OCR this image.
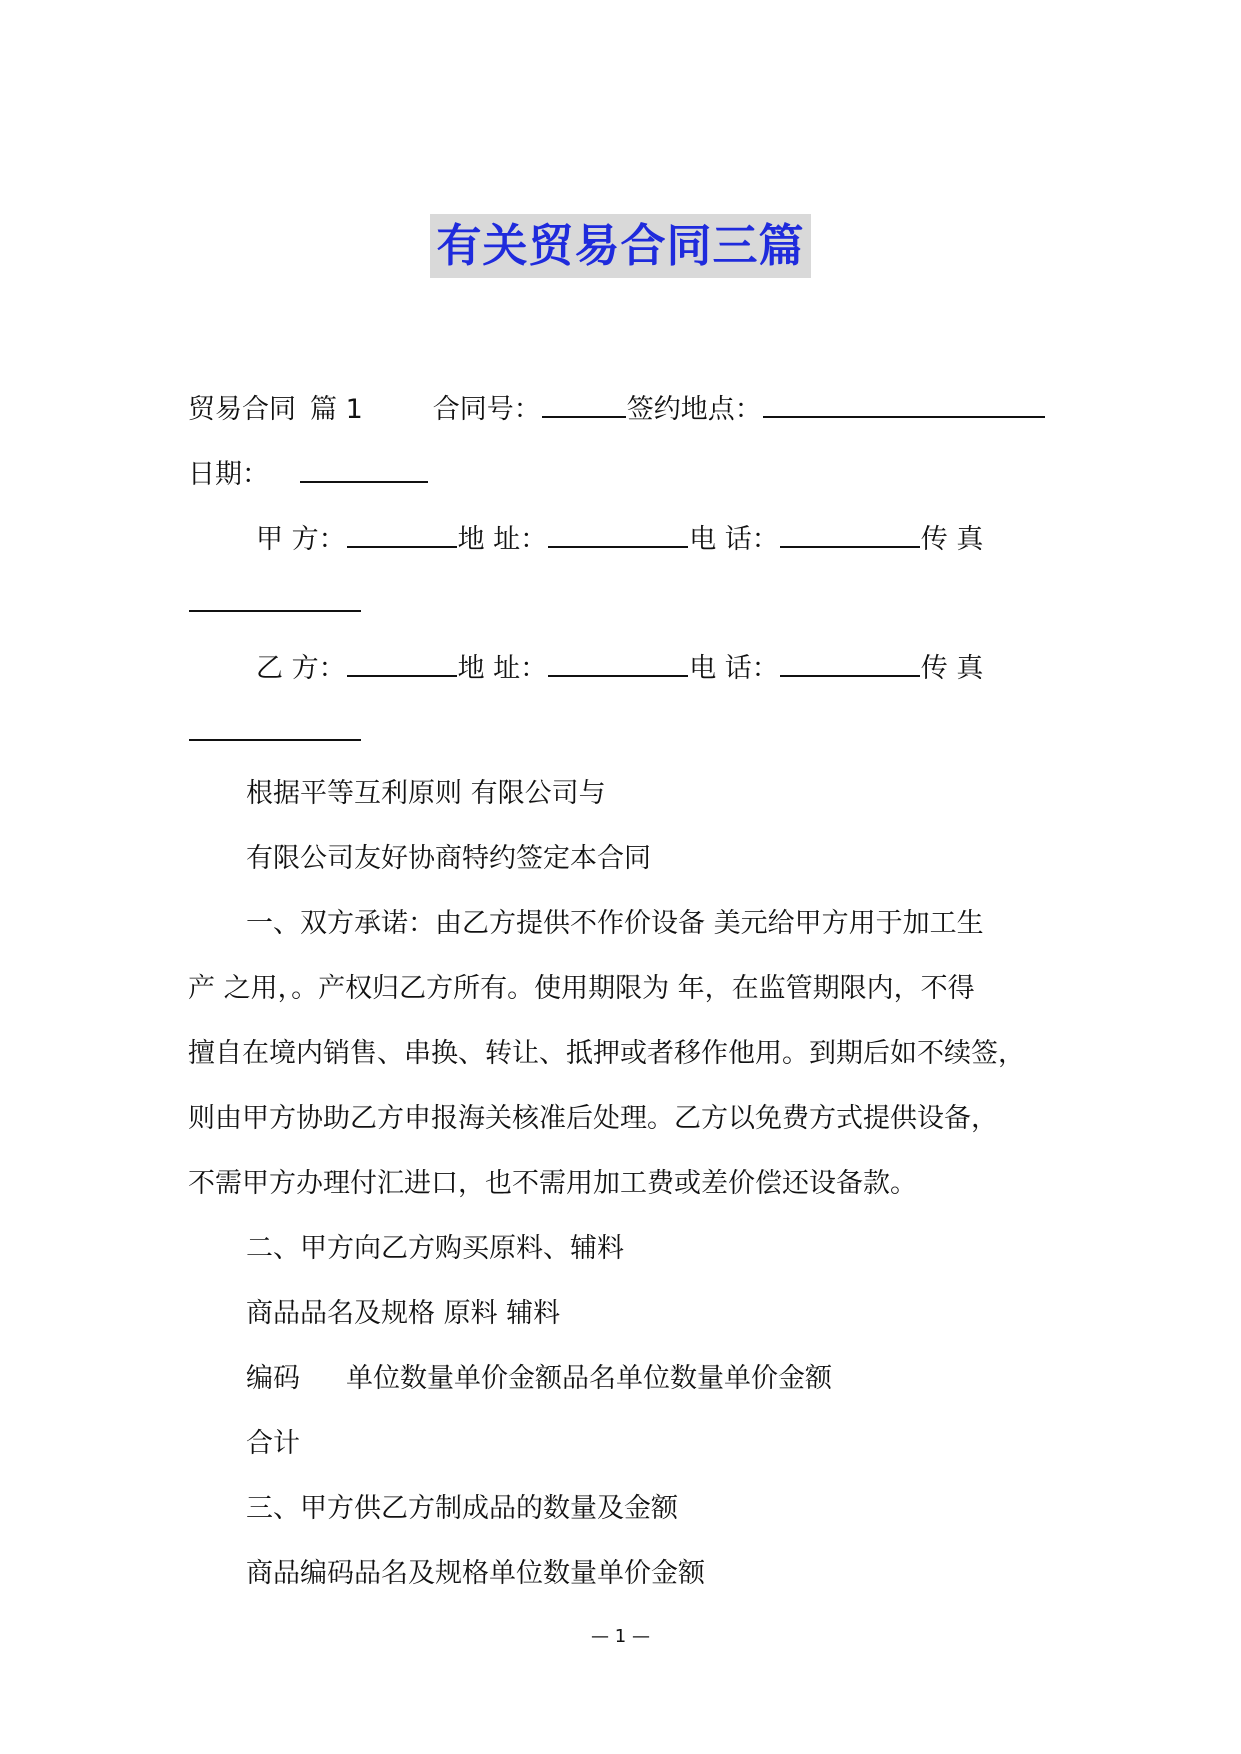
有关贸易合同三篇
贸易合同 篇 1	合同号：	签约地点：
日期：
甲 方：	地 址：	电 话：	传 真
乙 方：	地 址：	电 话：	传 真
根据平等互利原则 有限公司与
有限公司友好协商特约签定本合同
一、双方承诺：由乙方提供不作价设备 美元给甲方用于加工生
产 之用，。产权归乙方所有。使用期限为 年，在监管期限内，不得
擅自在境内销售、串换、转让、抵押或者移作他用。到期后如不续签，
则由甲方协助乙方申报海关核准后处理。乙方以免费方式提供设备，
不需甲方办理付汇进口，也不需用加工费或差价偿还设备款。
二、甲方向乙方购买原料、辅料
商品品名及规格 原料 辅料
编码 单位数量单价金额品名单位数量单价金额
合计
三、甲方供乙方制成品的数量及金额
商品编码品名及规格单位数量单价金额
— 1 —
